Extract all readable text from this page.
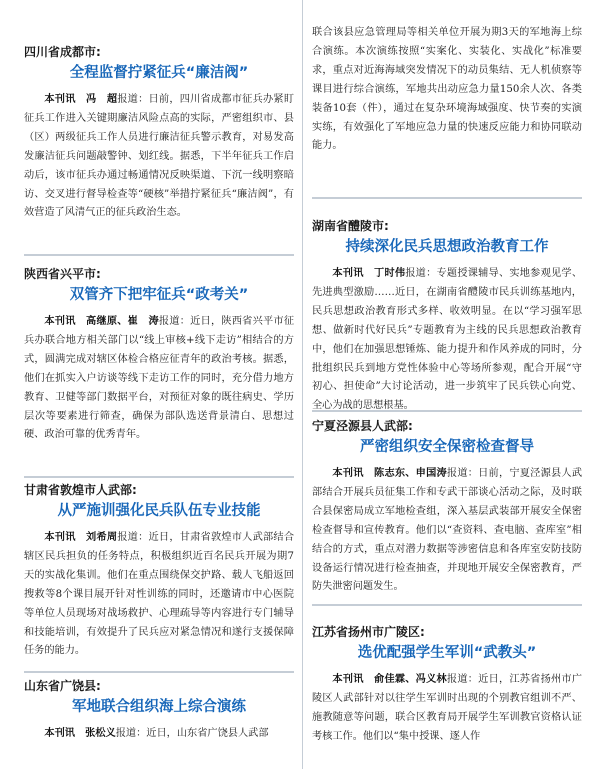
四川省成都市:

全程监督拧紧征兵“廉洁阀”

本刊讯　冯　超报道：日前，四川省成都市征兵办紧盯征兵工作进入关键期廉洁风险点高的实际，严密组织市、县（区）两级征兵工作人员进行廉洁征兵警示教育，对易发高发廉洁征兵问题敲警钟、划红线。据悉，下半年征兵工作启动后，该市征兵办通过畅通情况反映渠道、下沉一线明察暗访、交叉进行督导检查等“硬核”举措拧紧征兵“廉洁阀”，有效营造了风清气正的征兵政治生态。

陕西省兴平市:

双管齐下把牢征兵“政考关”

本刊讯　高继原、崔　涛报道：近日，陕西省兴平市征兵办联合地方相关部门以“线上审核+线下走访”相结合的方式，圆满完成对辖区体检合格应征青年的政治考核。据悉，他们在抓实入户访谈等线下走访工作的同时，充分借力地方教育、卫健等部门数据平台，对预征对象的既往病史、学历层次等要素进行筛查，确保为部队选送背景清白、思想过硬、政治可靠的优秀青年。

甘肃省敦煌市人武部:

从严施训强化民兵队伍专业技能

本刊讯　刘希周报道：近日，甘肃省敦煌市人武部结合辖区民兵担负的任务特点，积极组织近百名民兵开展为期7天的实战化集训。他们在重点围绕保交护路、载人飞船返回搜救等8个课目展开针对性训练的同时，还邀请市中心医院等单位人员现场对战场救护、心理疏导等内容进行专门辅导和技能培训，有效提升了民兵应对紧急情况和遂行支援保障任务的能力。

山东省广饶县:

军地联合组织海上综合演练

本刊讯　张松义报道：近日，山东省广饶县人武部

联合该县应急管理局等相关单位开展为期3天的军地海上综合演练。本次演练按照“实案化、实装化、实战化”标准要求，重点对近海海域突发情况下的动员集结、无人机侦察等课目进行综合演练，军地共出动应急力量150余人次、各类装备10套（件），通过在复杂环境海域强度、快节奏的实演实练，有效强化了军地应急力量的快速反应能力和协同联动能力。

湖南省醴陵市:

持续深化民兵思想政治教育工作

本刊讯　丁时伟报道：专题授课辅导、实地参观见学、先进典型激励……近日，在湖南省醴陵市民兵训练基地内，民兵思想政治教育形式多样、收效明显。在以“学习强军思想、做新时代好民兵”专题教育为主线的民兵思想政治教育中，他们在加强思想锤炼、能力提升和作风养成的同时，分批组织民兵到地方党性体验中心等场所参观，配合开展“守初心、担使命”大讨论活动，进一步筑牢了民兵铁心向党、全心为战的思想根基。

宁夏泾源县人武部:

严密组织安全保密检查督导

本刊讯　陈志东、申国涛报道：日前，宁夏泾源县人武部结合开展兵员征集工作和专武干部谈心活动之际，及时联合县保密局成立军地检查组，深入基层武装部开展安全保密检查督导和宣传教育。他们以“查资料、查电脑、查库室”相结合的方式，重点对潜力数据等涉密信息和各库室安防技防设备运行情况进行检查抽查，并现地开展安全保密教育，严防失泄密问题发生。

江苏省扬州市广陵区:

选优配强学生军训“武教头”

本刊讯　俞佳霖、冯义林报道：近日，江苏省扬州市广陵区人武部针对以往学生军训时出现的个别教官组训不严、施教随意等问题，联合区教育局开展学生军训教官资格认证考核工作。他们以“集中授课、逐人作
